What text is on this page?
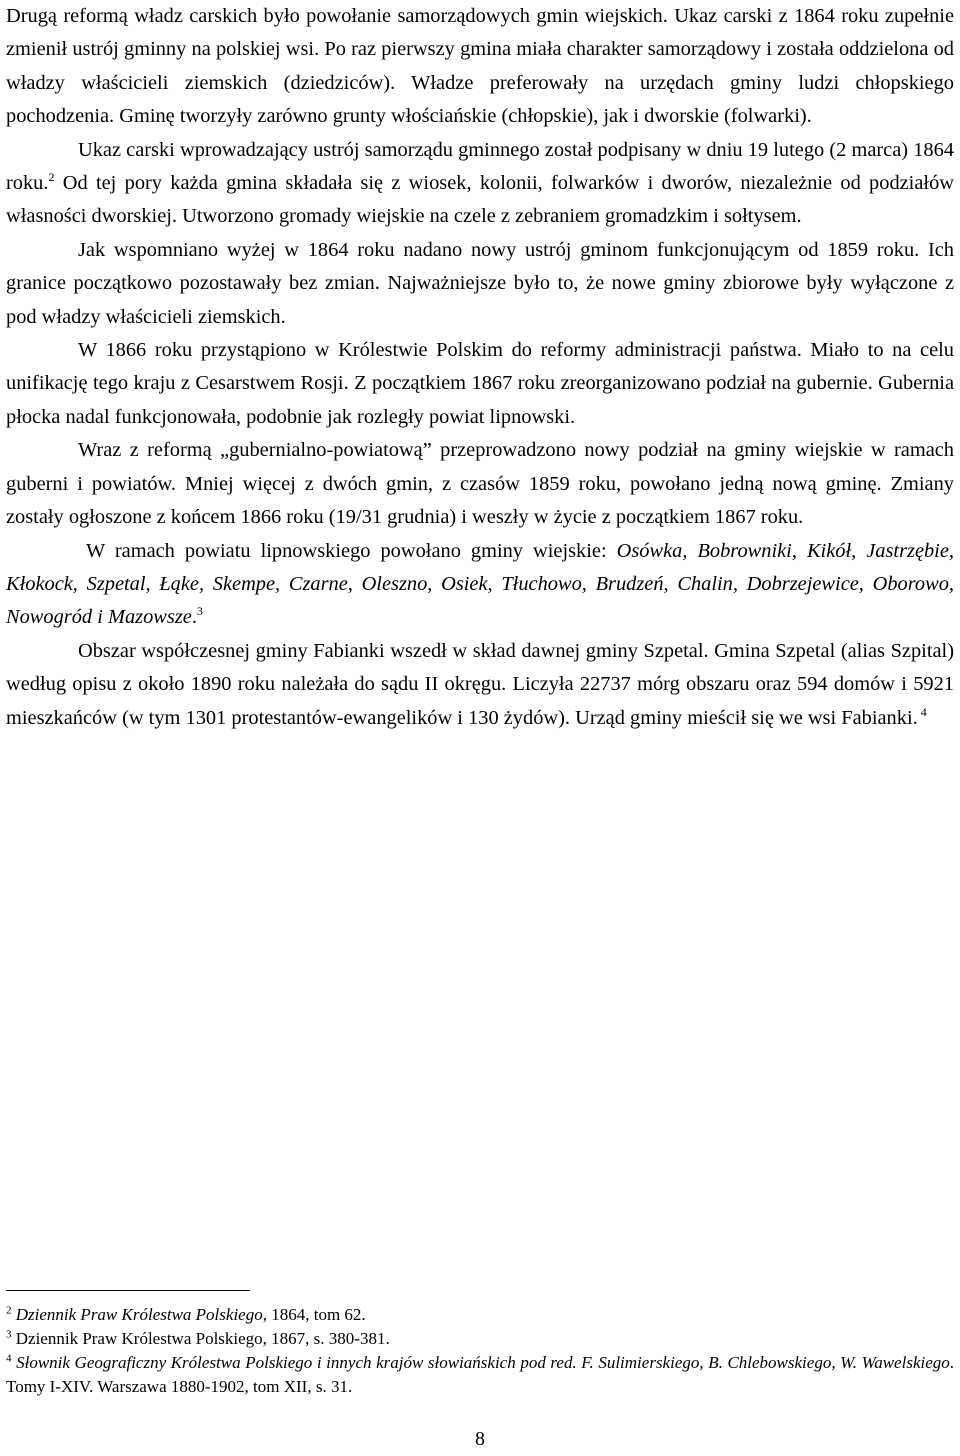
Drugą reformą władz carskich było powołanie samorządowych gmin wiejskich. Ukaz carski z 1864 roku zupełnie zmienił ustrój gminny na polskiej wsi. Po raz pierwszy gmina miała charakter samorządowy i została oddzielona od władzy właścicieli ziemskich (dziedziców). Władze preferowały na urzędach gminy ludzi chłopskiego pochodzenia. Gminę tworzyły zarówno grunty włościańskie (chłopskie), jak i dworskie (folwarki).

Ukaz carski wprowadzający ustrój samorządu gminnego został podpisany w dniu 19 lutego (2 marca) 1864 roku.$^2$ Od tej pory każda gmina składała się z wiosek, kolonii, folwarków i dworów, niezależnie od podziałów własności dworskiej. Utworzono gromady wiejskie na czele z zebraniem gromadzkim i sołtysem.

Jak wspomniano wyżej w 1864 roku nadano nowy ustrój gminom funkcjonującym od 1859 roku. Ich granice początkowo pozostawały bez zmian. Najważniejsze było to, że nowe gminy zbiorowe były wyłączone z pod władzy właścicieli ziemskich.

W 1866 roku przystąpiono w Królestwie Polskim do reformy administracji państwa. Miało to na celu unifikację tego kraju z Cesarstwem Rosji. Z początkiem 1867 roku zreorganizowano podział na gubernie. Gubernia płocka nadal funkcjonowała, podobnie jak rozległy powiat lipnowski.

Wraz z reformą „gubernialno-powiatową” przeprowadzono nowy podział na gminy wiejskie w ramach guberni i powiatów. Mniej więcej z dwóch gmin, z czasów 1859 roku, powołano jedną nową gminę. Zmiany zostały ogłoszone z końcem 1866 roku (19/31 grudnia) i weszły w życie z początkiem 1867 roku.

W ramach powiatu lipnowskiego powołano gminy wiejskie: Osówka, Bobrowniki, Kikół, Jastrzębie, Kłokock, Szpetal, Łąke, Skempe, Czarne, Oleszno, Osiek, Tłuchowo, Brudzeń, Chalin, Dobrzejewice, Oborowo, Nowogród i Mazowsze.$^3$

Obszar współczesnej gminy Fabianki wszedł w skład dawnej gminy Szpetal. Gmina Szpetal (alias Szpital) według opisu z około 1890 roku należała do sądu II okręgu. Liczyła 22737 mórg obszaru oraz 594 domów i 5921 mieszkańców (w tym 1301 protestantów-ewangelików i 130 żydów). Urząd gminy mieścił się we wsi Fabianki. $^4$

$^2$ Dziennik Praw Królestwa Polskiego, 1864, tom 62.

$^3$ Dziennik Praw Królestwa Polskiego, 1867, s. 380-381.

$^4$ Słownik Geograficzny Królestwa Polskiego i innych krajów słowiańskich pod red. F. Sulimierskiego, B. Chlebowskiego, W. Wawelskiego. Tomy I-XIV. Warszawa 1880-1902, tom XII, s. 31.

8
